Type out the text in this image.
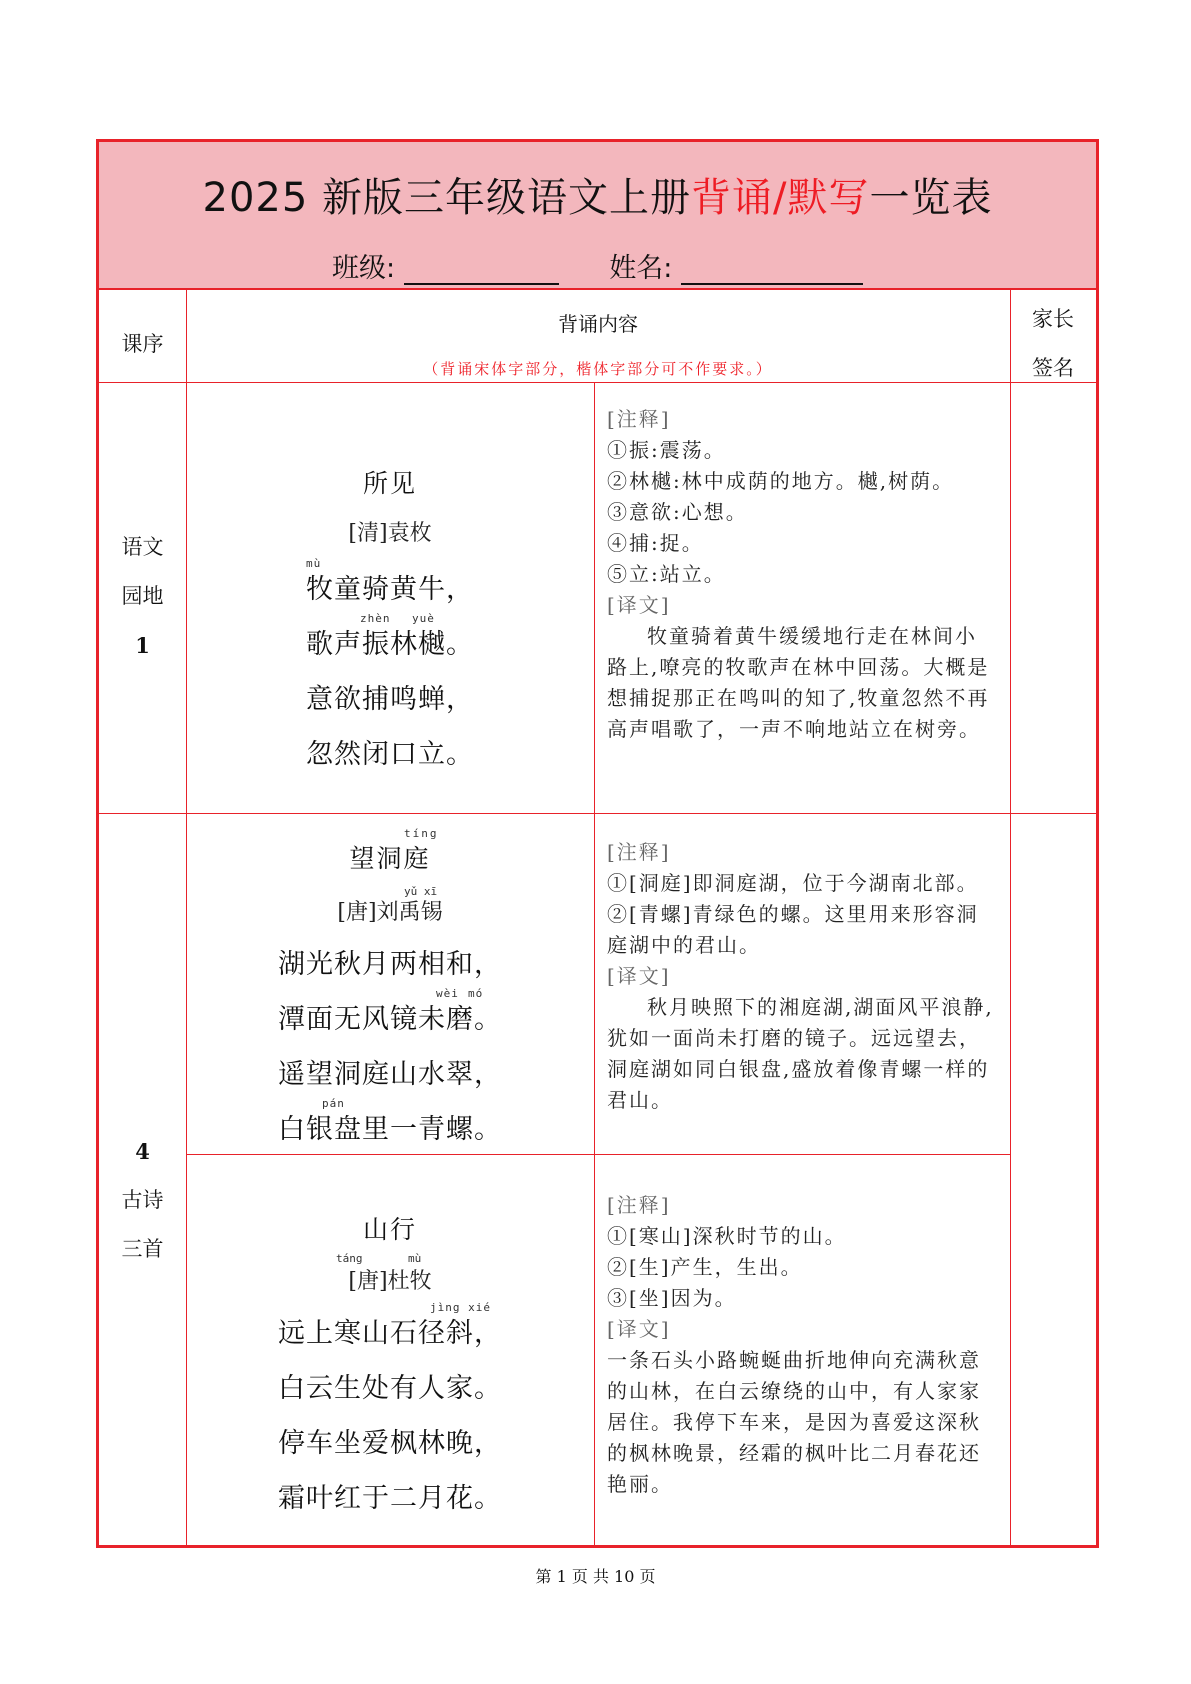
2025 新版三年级语文上册背诵/默写一览表
班级:	姓名:
课序
背诵内容
（背诵宋体字部分，楷体字部分可不作要求。）
家长
签名
语文
园地
1
所见
[清]袁枚
mù
牧童骑黄牛，
zhèn yuè
歌声振林樾。
意欲捕鸣蝉，
忽然闭口立。
[注释]
①振:震荡。
②林樾:林中成荫的地方。樾,树荫。
③意欲:心想。
④捕:捉。
⑤立:站立。
[译文]
牧童骑着黄牛缓缓地行走在林间小路上,嘹亮的牧歌声在林中回荡。大概是想捕捉那正在鸣叫的知了,牧童忽然不再高声唱歌了，一声不响地站立在树旁。
4
古诗
三首
tíng
望洞庭
yǔ xī
[唐]刘禹锡
湖光秋月两相和，
wèi mó
潭面无风镜未磨。
遥望洞庭山水翠，
pán
白银盘里一青螺。
[注释]
①[洞庭]即洞庭湖，位于今湖南北部。
②[青螺]青绿色的螺。这里用来形容洞庭湖中的君山。
[译文]
秋月映照下的湘庭湖,湖面风平浪静,犹如一面尚未打磨的镜子。远远望去，洞庭湖如同白银盘,盛放着像青螺一样的君山。
山行
táng	mù
[唐]杜牧
jìng xié
远上寒山石径斜，
白云生处有人家。
停车坐爱枫林晚，
霜叶红于二月花。
[注释]
①[寒山]深秋时节的山。
②[生]产生，生出。
③[坐]因为。
[译文]
一条石头小路蜿蜒曲折地伸向充满秋意的山林，在白云缭绕的山中，有人家家居住。我停下车来，是因为喜爱这深秋的枫林晚景，经霜的枫叶比二月春花还艳丽。
第 1 页 共 10 页
